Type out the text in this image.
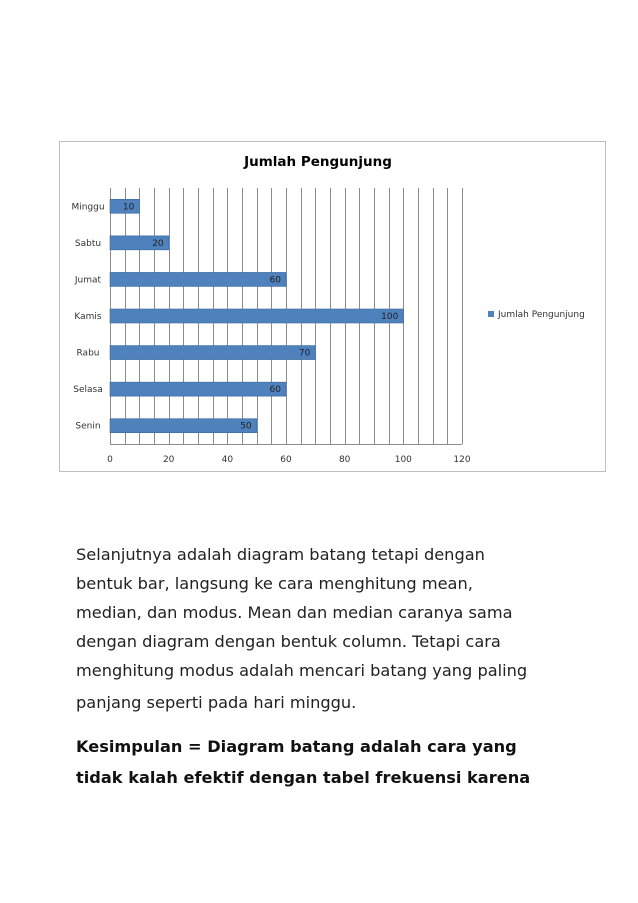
Jumlah Pengunjung
0	20	40	60	80	100	120
Minggu 10
Sabtu	20
Jumat	60
Kamis	100
Rabu	70
Selasa	60
Senin	50
Jumlah Pengunjung
Selanjutnya adalah diagram batang tetapi dengan
bentuk bar, langsung ke cara menghitung mean,
median, dan modus. Mean dan median caranya sama
dengan diagram dengan bentuk column. Tetapi cara
menghitung modus adalah mencari batang yang paling
panjang seperti pada hari minggu.
Kesimpulan = Diagram batang adalah cara yang
tidak kalah efektif dengan tabel frekuensi karena
